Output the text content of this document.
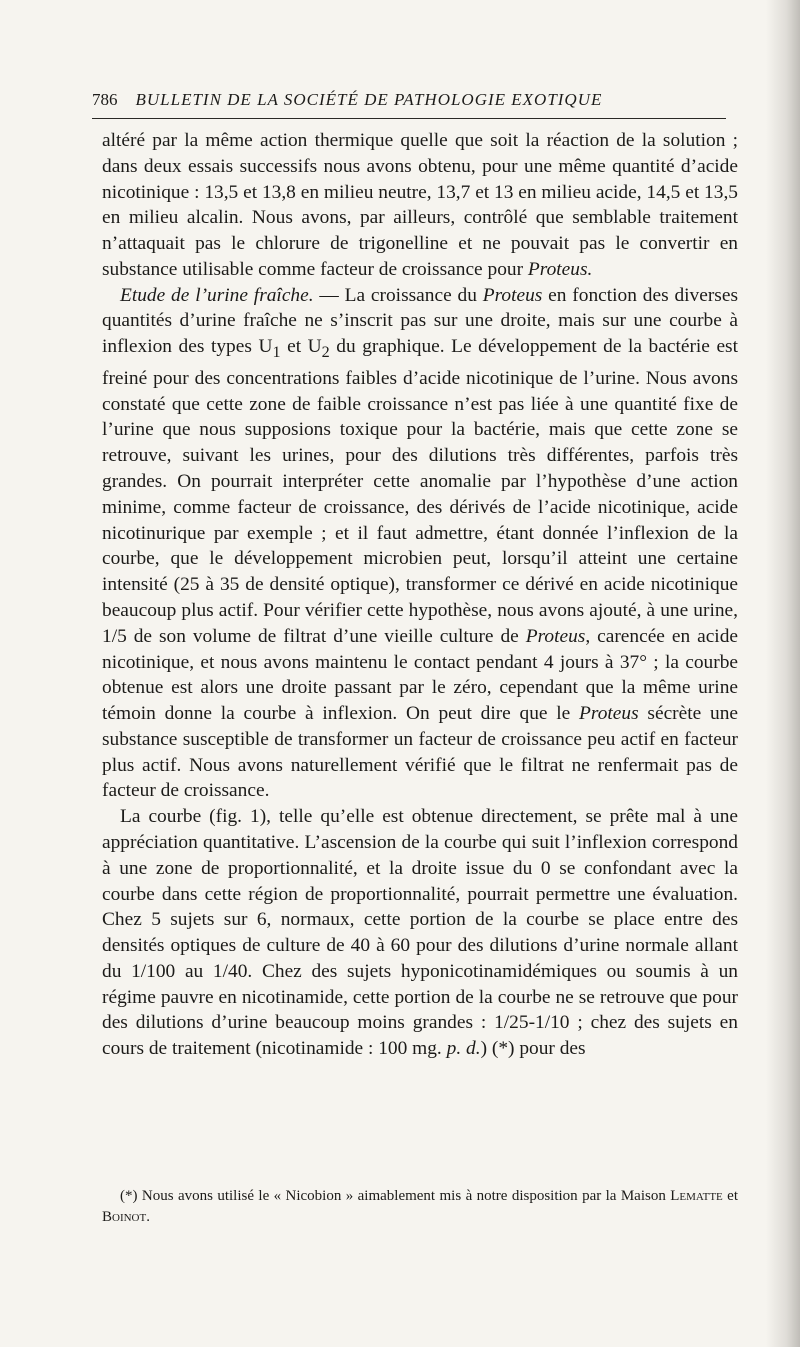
786 BULLETIN DE LA SOCIÉTÉ DE PATHOLOGIE EXOTIQUE

altéré par la même action thermique quelle que soit la réaction de la solution ; dans deux essais successifs nous avons obtenu, pour une même quantité d’acide nicotinique : 13,5 et 13,8 en milieu neutre, 13,7 et 13 en milieu acide, 14,5 et 13,5 en milieu alcalin. Nous avons, par ailleurs, contrôlé que semblable traitement n’attaquait pas le chlorure de trigonelline et ne pouvait pas le convertir en substance utilisable comme facteur de croissance pour Proteus.

Etude de l’urine fraîche. — La croissance du Proteus en fonction des diverses quantités d’urine fraîche ne s’inscrit pas sur une droite, mais sur une courbe à inflexion des types $U_1$ et $U_2$ du graphique. Le développement de la bactérie est freiné pour des concentrations faibles d’acide nicotinique de l’urine. Nous avons constaté que cette zone de faible croissance n’est pas liée à une quantité fixe de l’urine que nous supposions toxique pour la bactérie, mais que cette zone se retrouve, suivant les urines, pour des dilutions très différentes, parfois très grandes. On pourrait interpréter cette anomalie par l’hypothèse d’une action minime, comme facteur de croissance, des dérivés de l’acide nicotinique, acide nicotinurique par exemple ; et il faut admettre, étant donnée l’inflexion de la courbe, que le développement microbien peut, lorsqu’il atteint une certaine intensité (25 à 35 de densité optique), transformer ce dérivé en acide nicotinique beaucoup plus actif. Pour vérifier cette hypothèse, nous avons ajouté, à une urine, 1/5 de son volume de filtrat d’une vieille culture de Proteus, carencée en acide nicotinique, et nous avons maintenu le contact pendant 4 jours à 37° ; la courbe obtenue est alors une droite passant par le zéro, cependant que la même urine témoin donne la courbe à inflexion. On peut dire que le Proteus sécrète une substance susceptible de transformer un facteur de croissance peu actif en facteur plus actif. Nous avons naturellement vérifié que le filtrat ne renfermait pas de facteur de croissance.

La courbe (fig. 1), telle qu’elle est obtenue directement, se prête mal à une appréciation quantitative. L’ascension de la courbe qui suit l’inflexion correspond à une zone de proportionnalité, et la droite issue du 0 se confondant avec la courbe dans cette région de proportionnalité, pourrait permettre une évaluation. Chez 5 sujets sur 6, normaux, cette portion de la courbe se place entre des densités optiques de culture de 40 à 60 pour des dilutions d’urine normale allant du 1/100 au 1/40. Chez des sujets hyponicotinamidémiques ou soumis à un régime pauvre en nicotinamide, cette portion de la courbe ne se retrouve que pour des dilutions d’urine beaucoup moins grandes : 1/25-1/10 ; chez des sujets en cours de traitement (nicotinamide : 100 mg. p. d.) (*) pour des

(*) Nous avons utilisé le « Nicobion » aimablement mis à notre disposition par la Maison Lematte et Boinot.
